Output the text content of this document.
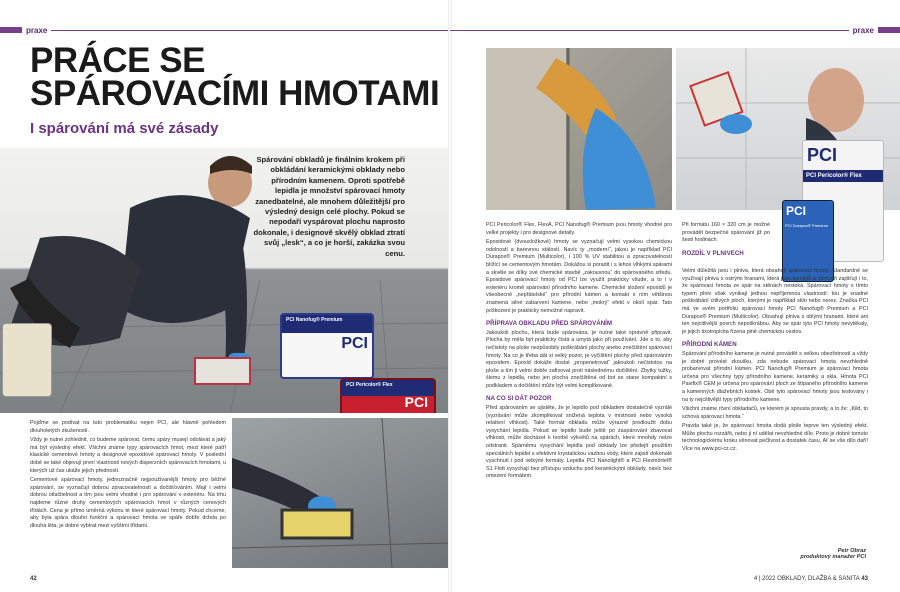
praxe
PRÁCE SE
SPÁROVACÍMI HMOTAMI
I spárování má své zásady
PCI Nanofug® Premium
PCI
PCI Pericolor® Flex
PCI
Spárování obkladů je finálním krokem při obkládání keramickými obklady nebo přírodním kamenem. Oproti spotřebě lepidla je množství spárovací hmoty zanedbatelné, ale mnohem důležitější pro výsledný design celé plochy. Pokud se nepodaří vyspárovat plochu naprosto dokonale, i designově skvělý obklad ztratí svůj „lesk“, a co je horší, zakázka svou cenu.

Pojďme se podívat na tuto problematiku nejen PCI, ale hlavně pohledem dlouholetých zkušeností.

Vždy je nutné zohlednit, co budeme spárovat, čemu spáry musejí odolávat a jaký má být výsledný efekt. Všichni známe typy spárovacích hmot, mezi které patří klasické cementové hmoty a designové epoxidové spárovací hmoty. V poslední době se také objevují první vlastnosti nových disperzních spárovacích hmotami, u kterých už čas ukáže jejich předností.

Cementové spárovací hmoty, jednoznačně nejpoužívanější hmoty pro běžné spárování, se vyznačují dobrou zpracovatelností a dočišťováním. Mají i velmi dobrou otlačitelnost a tím jsou velmi vhodné i pro spárování v exteriéru. Na trhu najdeme různé druhy cementových spárovacích hmot v různých cenových třídách. Cena je přímo úměrná výkonu té které spárovací hmoty. Pokud chceme, aby byla spára dlouho funkční a spárovací hmota ve spáře dobře držela po dlouhá léta, je dobré vybírat mezi vyššími třídami.

42
praxe
PCI
PCI Pericolor® Flex
PCI
PCI Durapox® Premium

PCI Pericolor® Flex, FlexA, PCI Nanofug® Premium jsou hmoty vhodné pro velké projekty i pro designové detaily.

Epoxidové (dvousložkové) hmoty se vyznačují velmi vysokou chemickou odolností a barevnou stálostí. Navíc ty „moderní“, jakou je například PCI Durapox® Premium (Multicolor), i 100 % UV stabilitou a zpracovatelností blížící se cementovým hmotám. Dokážou si poradit i s lehce vlhkými spárami a skvěle se dílky své chemické stavbě „zakousnou“ do spárovaného středu. Epoxidové spárovací hmoty od PCI lze využít prakticky všude, a to i v exteriéru kromě spárování přírodního kamene. Chemické složení epoxidů je všeobecně „nepřátelské“ pro přírodní kámen a kontakt s ním většinou znamená silné zabarvení kamene, nebo „mokrý“ efekt v okolí spár. Tato poškození je prakticky nemožné napravit.

PŘÍPRAVA OBKLADU PŘED SPÁROVÁNÍM

Jakoukoli plochu, která bude spárována, je nutné také správně připravit. Plocha by měla být prakticky čistá a umytá jako při používání. Jde o to, aby nečistoty na ploše nezpůsobily poškrábání plochy anebo znečištění spárovací hmoty. Na co je třeba dát si velký pozor, je vyčištění plochy před spárováním epoxidem. Epoxid dokáže dostat „propenetrovat“ jakoukoli nečistotou na ploše a tím ji velmi dobře zafixovat proti následnému dočištění. Zbytky tužky, šlemu z lepidla, nebo jen plocha znečištěná od bot se stane kompaktní s podkladem a dočištění může být velmi komplikované.

NA CO SI DÁT POZOR

Před spárováním se ujistěte, že je lepidlo pod obkladem dostatečně vyzrálé (vyzrávání může zkomplikovat snížená teplota v místnosti nebo vysoká relativní vlhkost). Také formát obkladu může výrazně prodloužit dobu vysychání lepidla. Pokud se lepidlo bude ještě po zaspárování zbavovat vlhkosti, může docházet k tvorbě výkvětů na spárách, které mnohdy nelze odstranit. Spárněmu vysychání lepidla pod obklady lze předejít použitím speciálních lepidel s efektivní krystalickou vazbou vody, které zajistí dokonalé vyschnutí i pod velkými formáty. Lepidla PCI Nanolight® a PCI Flexmörtel® S1 Flott vysychají bez přístupu vzduchu pod keramickými obklady, navíc bez omezení formátem.

Při formátu 160 × 320 cm je možné provádět bezpečné spárování již po šesti hodinách.

ROZDÍL V PLNIVECH

Velmi důležitá jsou i plniva, která obsahují spárovací hmoty. Standardně se využívají plniva s ostrými hranami, která jsou levnější a zároveň zajišťují i to, že spárovací hmota ze spár na stěnách nesteká. Spárovací hmoty s tímto typem plniv však vynikají jednou nepříjemnou vlastností: tou je snadné poškrábání citlivých ploch, kterými je například sklo nebo nerez. Značka PCI má ve svém portfoliu spárovací hmoty PCI Nanofug® Premium a PCI Durapox® Premium (Multicolor). Obsahují plniva s oblými hranami, které ani ten nejcitlivější povrch nepoškrábou. Aby se spár tyto PCI hmoty nevytékaly, je jejich tixotropicita řízena pině chemickou cestou.

PŘÍRODNÍ KÁMEN

Spárování přírodního kamene je nutné provádět s velkou obezřetností a vždy je dobré provést zkoušku, zda nebude spárovací hmota nevzhledně probarvovat přírodní kámen. PCI Nanofug® Premium je spárovací hmota určená pro všechny typy přírodního kamene, keramiky a skla. Hmota PCI Pavifix® CEM je určena pro spárování ploch ze štípaného přírodního kamene a kamenných dlažebních kostek. Obě tyto spárovací hmoty jsou testovány i na ty nejcitlivější typy přírodního kamene.

Všichni známe rčení obkladačů, ve kterém je spousta pravdy, a to že: „Kild, to schová spárovací hmota.“

Pravda také je, že spárovací hmota dodá ploše teprve ten výsledný efekt. Může plochu rozzářit, nebo ji ní udělat nevzhledné dílo. Proto je dobré tomuto technologickému kroku věnovat pečlivost a dostatek času. Ať se vše dílo daří! Více na www.pci-cz.cz.

4 | 2022 OBKLADY, DLAŽBA & SANITA 43
Petr Obraz
produktový manažer PCI
